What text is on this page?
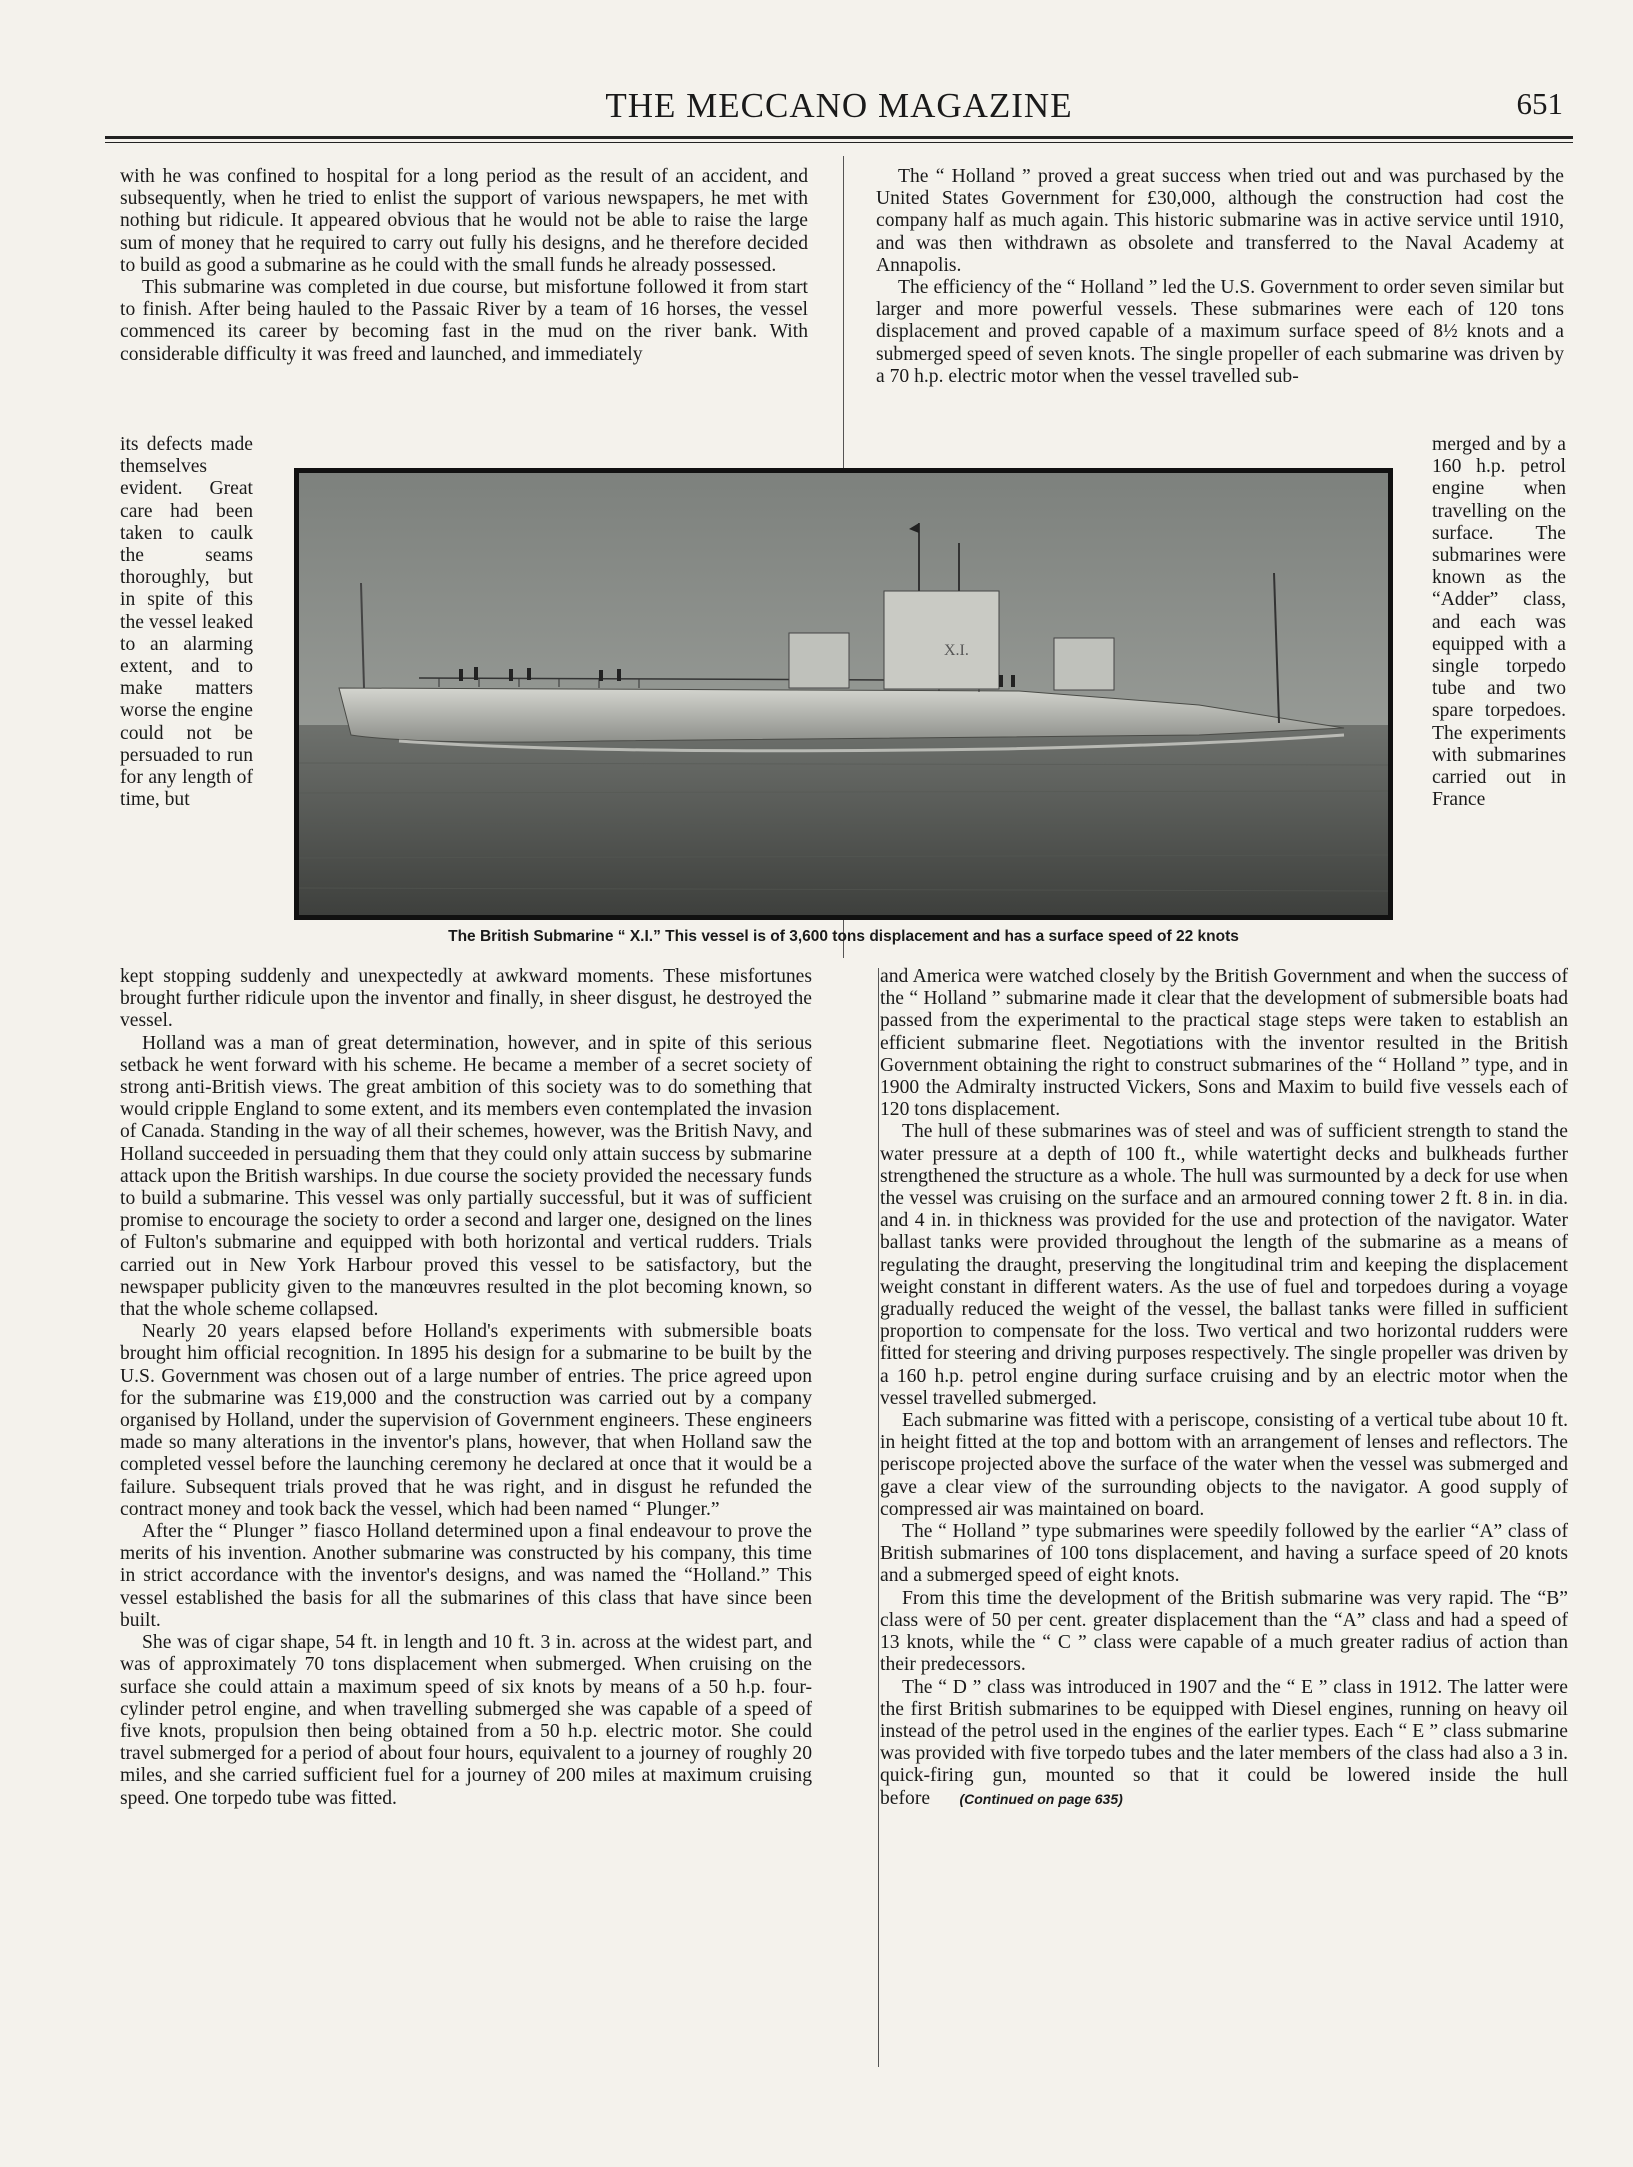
THE MECCANO MAGAZINE	651

with he was confined to hospital for a long period as the result of an accident, and subsequently, when he tried to enlist the support of various newspapers, he met with nothing but ridicule. It appeared obvious that he would not be able to raise the large sum of money that he required to carry out fully his designs, and he therefore decided to build as good a submarine as he could with the small funds he already possessed.

This submarine was completed in due course, but misfortune followed it from start to finish. After being hauled to the Passaic River by a team of 16 horses, the vessel commenced its career by becoming fast in the mud on the river bank. With considerable difficulty it was freed and launched, and immediately

its defects made themselves evident. Great care had been taken to caulk the seams thoroughly, but in spite of this the vessel leaked to an alarming extent, and to make matters worse the engine could not be persuaded to run for any length of time, but

kept stopping suddenly and unexpectedly at awkward moments. These misfortunes brought further ridicule upon the inventor and finally, in sheer disgust, he destroyed the vessel.

Holland was a man of great determination, however, and in spite of this serious setback he went forward with his scheme. He became a member of a secret society of strong anti-British views. The great ambition of this society was to do something that would cripple England to some extent, and its members even contemplated the invasion of Canada. Standing in the way of all their schemes, however, was the British Navy, and Holland succeeded in persuading them that they could only attain success by submarine attack upon the British warships. In due course the society provided the necessary funds to build a submarine. This vessel was only partially successful, but it was of sufficient promise to encourage the society to order a second and larger one, designed on the lines of Fulton's submarine and equipped with both horizontal and vertical rudders. Trials carried out in New York Harbour proved this vessel to be satisfactory, but the newspaper publicity given to the manœuvres resulted in the plot becoming known, so that the whole scheme collapsed.

Nearly 20 years elapsed before Holland's experiments with submersible boats brought him official recognition. In 1895 his design for a submarine to be built by the U.S. Government was chosen out of a large number of entries. The price agreed upon for the submarine was £19,000 and the construction was carried out by a company organised by Holland, under the supervision of Government engineers. These engineers made so many alterations in the inventor's plans, however, that when Holland saw the completed vessel before the launching ceremony he declared at once that it would be a failure. Subsequent trials proved that he was right, and in disgust he refunded the contract money and took back the vessel, which had been named “ Plunger.”

After the “ Plunger ” fiasco Holland determined upon a final endeavour to prove the merits of his invention. Another submarine was constructed by his company, this time in strict accordance with the inventor's designs, and was named the “Holland.” This vessel established the basis for all the submarines of this class that have since been built.

She was of cigar shape, 54 ft. in length and 10 ft. 3 in. across at the widest part, and was of approximately 70 tons displacement when submerged. When cruising on the surface she could attain a maximum speed of six knots by means of a 50 h.p. four-cylinder petrol engine, and when travelling submerged she was capable of a speed of five knots, propulsion then being obtained from a 50 h.p. electric motor. She could travel submerged for a period of about four hours, equivalent to a journey of roughly 20 miles, and she carried sufficient fuel for a journey of 200 miles at maximum cruising speed. One torpedo tube was fitted.

The “ Holland ” proved a great success when tried out and was purchased by the United States Government for £30,000, although the construction had cost the company half as much again. This historic submarine was in active service until 1910, and was then withdrawn as obsolete and transferred to the Naval Academy at Annapolis.

The efficiency of the “ Holland ” led the U.S. Government to order seven similar but larger and more powerful vessels. These submarines were each of 120 tons displacement and proved capable of a maximum surface speed of 8½ knots and a submerged speed of seven knots. The single propeller of each submarine was driven by a 70 h.p. electric motor when the vessel travelled sub-

merged and by a 160 h.p. petrol engine when travelling on the surface. The submarines were known as the “Adder” class, and each was equipped with a single torpedo tube and two spare torpedoes. The experiments with submarines carried out in France

and America were watched closely by the British Government and when the success of the “ Holland ” submarine made it clear that the development of submersible boats had passed from the experimental to the practical stage steps were taken to establish an efficient submarine fleet. Negotiations with the inventor resulted in the British Government obtaining the right to construct submarines of the “ Holland ” type, and in 1900 the Admiralty instructed Vickers, Sons and Maxim to build five vessels each of 120 tons displacement.

The hull of these submarines was of steel and was of sufficient strength to stand the water pressure at a depth of 100 ft., while watertight decks and bulkheads further strengthened the structure as a whole. The hull was surmounted by a deck for use when the vessel was cruising on the surface and an armoured conning tower 2 ft. 8 in. in dia. and 4 in. in thickness was provided for the use and protection of the navigator. Water ballast tanks were provided throughout the length of the submarine as a means of regulating the draught, preserving the longitudinal trim and keeping the displacement weight constant in different waters. As the use of fuel and torpedoes during a voyage gradually reduced the weight of the vessel, the ballast tanks were filled in sufficient proportion to compensate for the loss. Two vertical and two horizontal rudders were fitted for steering and driving purposes respectively. The single propeller was driven by a 160 h.p. petrol engine during surface cruising and by an electric motor when the vessel travelled submerged.

Each submarine was fitted with a periscope, consisting of a vertical tube about 10 ft. in height fitted at the top and bottom with an arrangement of lenses and reflectors. The periscope projected above the surface of the water when the vessel was submerged and gave a clear view of the surrounding objects to the navigator. A good supply of compressed air was maintained on board.

The “ Holland ” type submarines were speedily followed by the earlier “A” class of British submarines of 100 tons displacement, and having a surface speed of 20 knots and a submerged speed of eight knots.

From this time the development of the British submarine was very rapid. The “B” class were of 50 per cent. greater displacement than the “A” class and had a speed of 13 knots, while the “ C ” class were capable of a much greater radius of action than their predecessors.

The “ D ” class was introduced in 1907 and the “ E ” class in 1912. The latter were the first British submarines to be equipped with Diesel engines, running on heavy oil instead of the petrol used in the engines of the earlier types. Each “ E ” class submarine was provided with five torpedo tubes and the later members of the class had also a 3 in. quick-firing gun, mounted so that it could be lowered inside the hull before (Continued on page 635)

X.I.
The British Submarine “ X.I.” This vessel is of 3,600 tons displacement and has a surface speed of 22 knots
